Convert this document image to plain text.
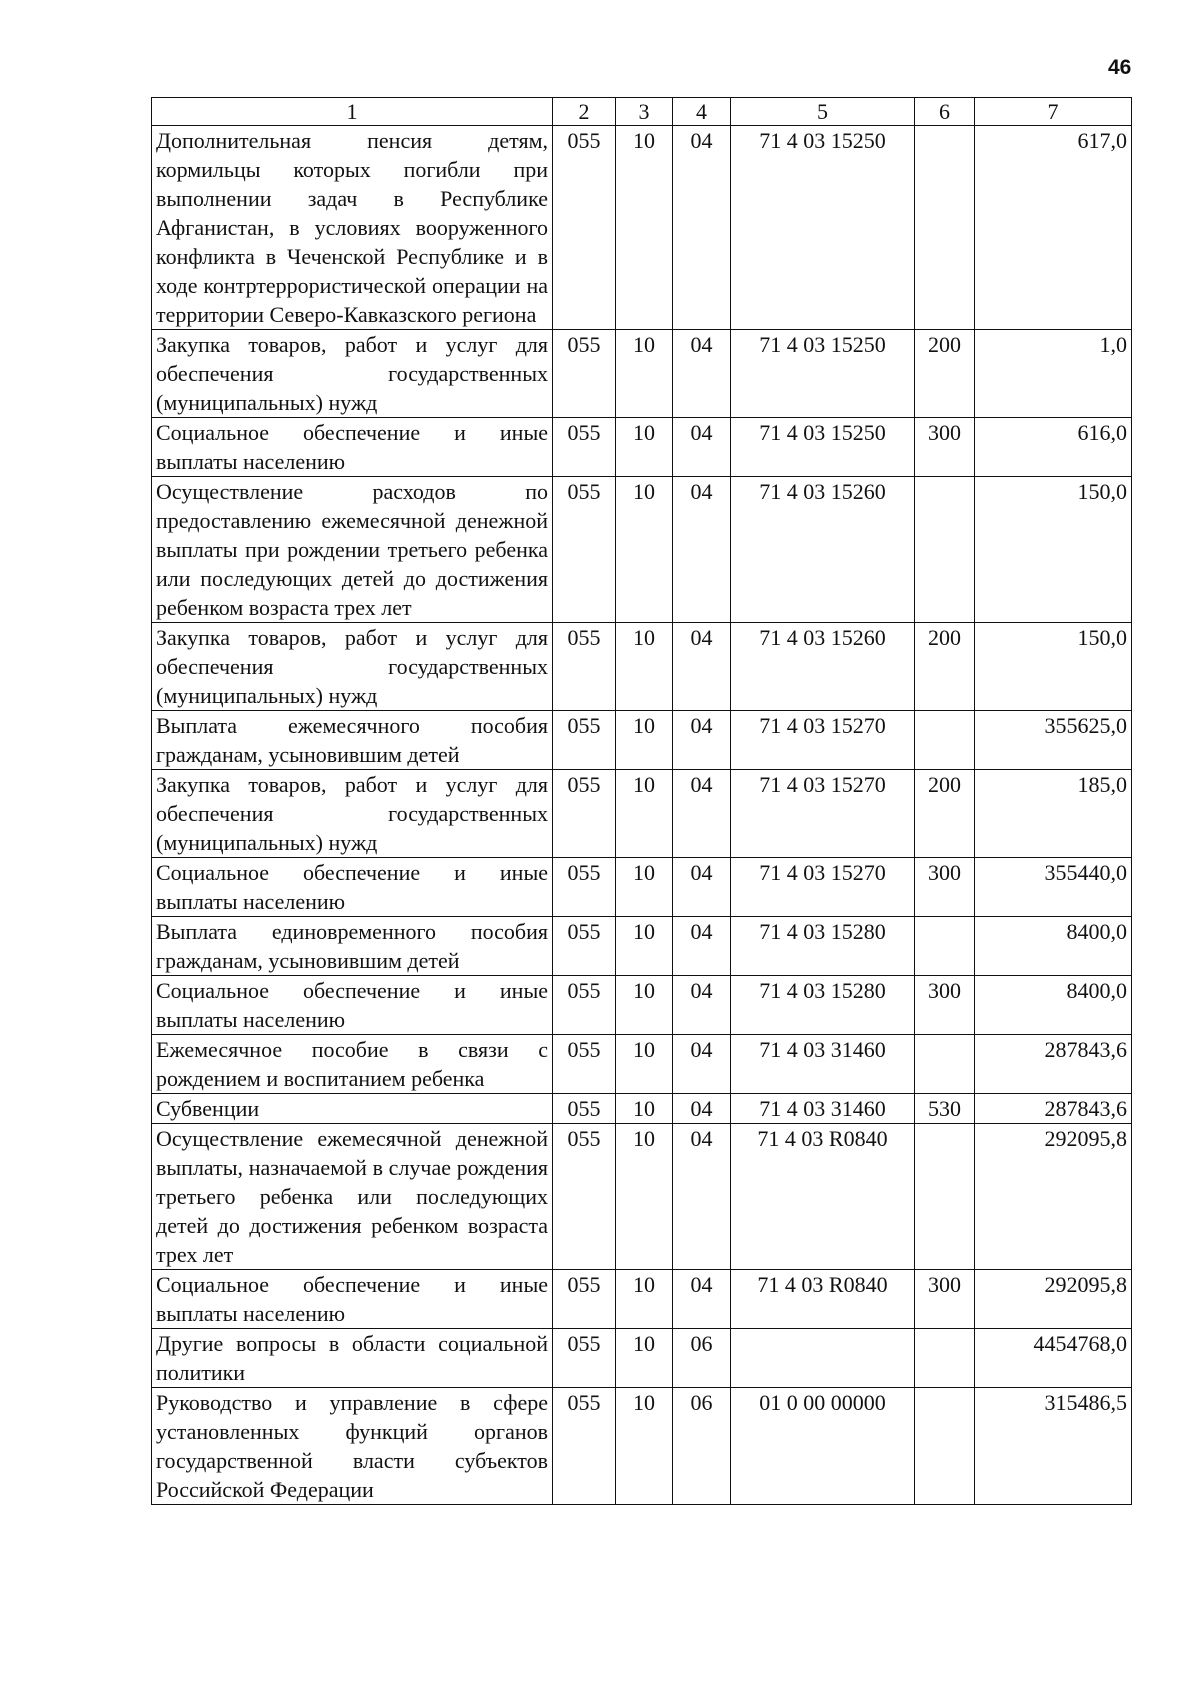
46
1	2	3	4	5	6	7
Дополнительная пенсия детям, кормильцы которых погибли при выполнении задач в Республике Афганистан, в условиях вооруженного конфликта в Чеченской Республике и в ходе контртеррористической операции на территории Северо-Кавказского региона	055	10	04	71 4 03 15250		617,0
Закупка товаров, работ и услуг для обеспечения государственных (муниципальных) нужд	055	10	04	71 4 03 15250	200	1,0
Социальное обеспечение и иные выплаты населению	055	10	04	71 4 03 15250	300	616,0
Осуществление расходов по предоставлению ежемесячной денежной выплаты при рождении третьего ребенка или последующих детей до достижения ребенком возраста трех лет	055	10	04	71 4 03 15260		150,0
Закупка товаров, работ и услуг для обеспечения государственных (муниципальных) нужд	055	10	04	71 4 03 15260	200	150,0
Выплата ежемесячного пособия гражданам, усыновившим детей	055	10	04	71 4 03 15270		355625,0
Закупка товаров, работ и услуг для обеспечения государственных (муниципальных) нужд	055	10	04	71 4 03 15270	200	185,0
Социальное обеспечение и иные выплаты населению	055	10	04	71 4 03 15270	300	355440,0
Выплата единовременного пособия гражданам, усыновившим детей	055	10	04	71 4 03 15280		8400,0
Социальное обеспечение и иные выплаты населению	055	10	04	71 4 03 15280	300	8400,0
Ежемесячное пособие в связи с рождением и воспитанием ребенка	055	10	04	71 4 03 31460		287843,6
Субвенции	055	10	04	71 4 03 31460	530	287843,6
Осуществление ежемесячной денежной выплаты, назначаемой в случае рождения третьего ребенка или последующих детей до достижения ребенком возраста трех лет	055	10	04	71 4 03 R0840		292095,8
Социальное обеспечение и иные выплаты населению	055	10	04	71 4 03 R0840	300	292095,8
Другие вопросы в области социальной политики	055	10	06			4454768,0
Руководство и управление в сфере установленных функций органов государственной власти субъектов Российской Федерации	055	10	06	01 0 00 00000		315486,5
